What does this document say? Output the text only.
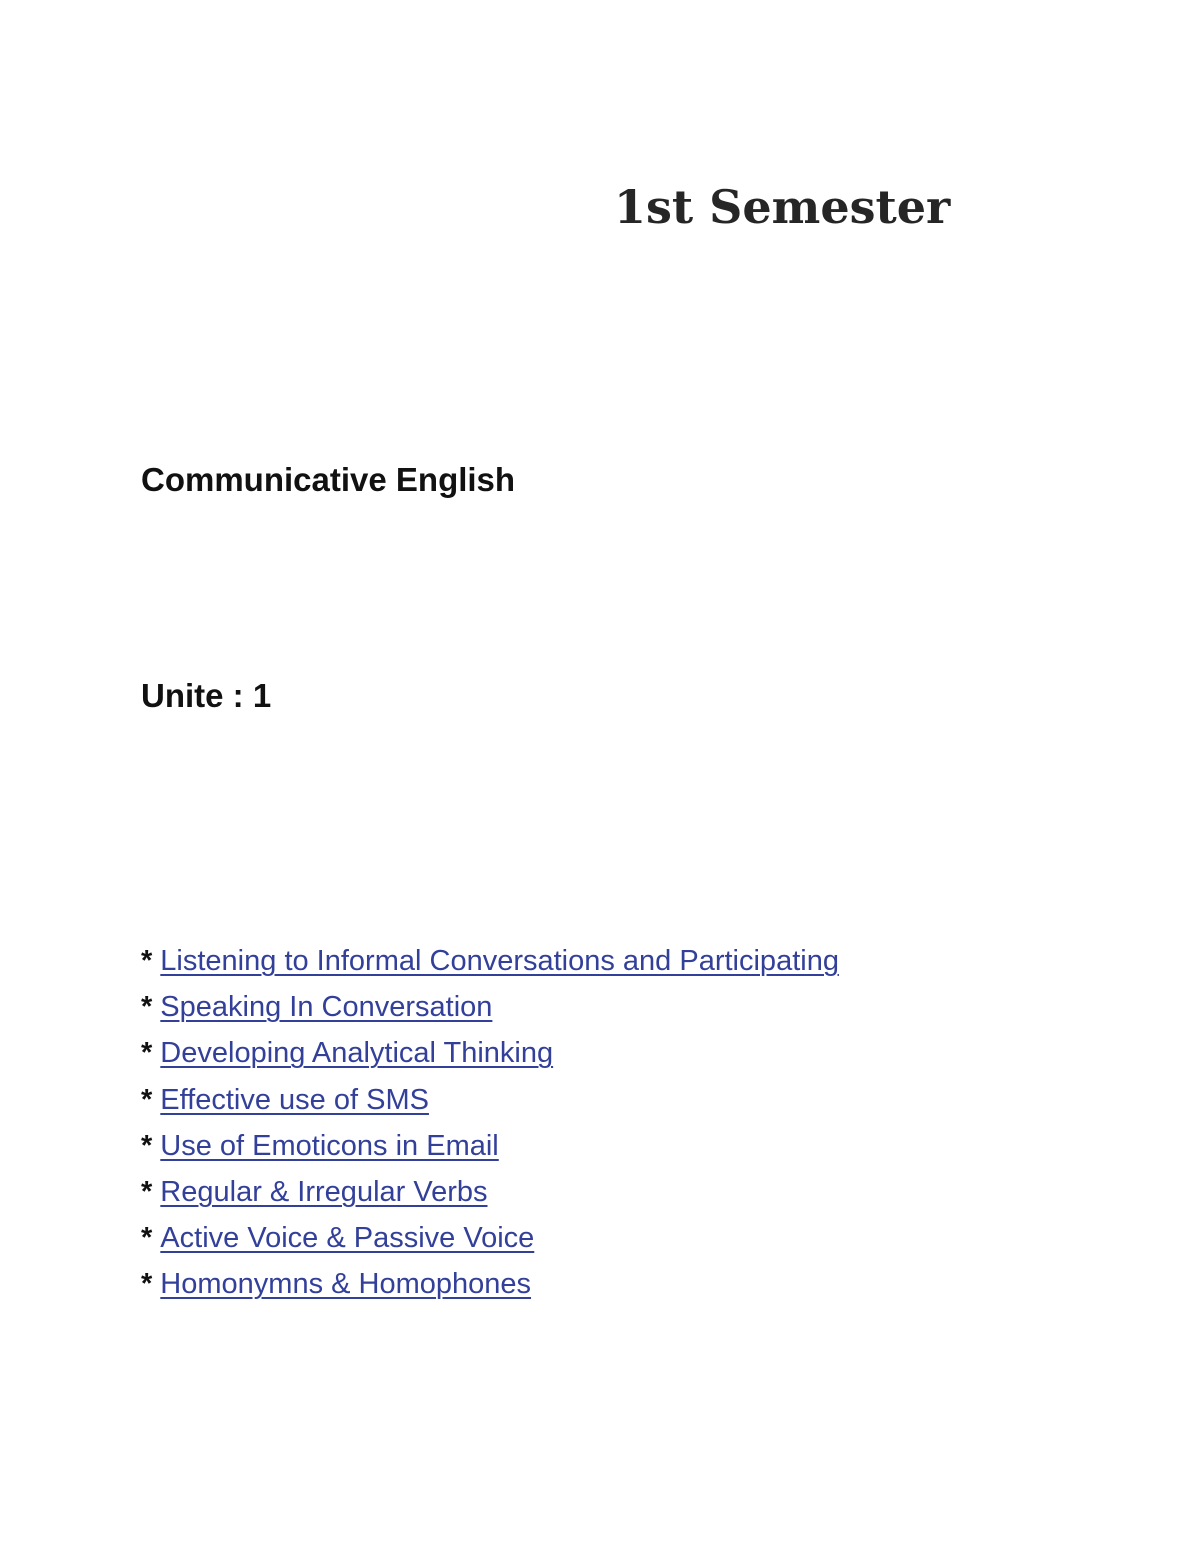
1st Semester
Communicative English
Unite : 1
* Listening to Informal Conversations and Participating
* Speaking In Conversation
* Developing Analytical Thinking
* Effective use of SMS
* Use of Emoticons in Email
* Regular & Irregular Verbs
* Active Voice & Passive Voice
* Homonymns & Homophones
